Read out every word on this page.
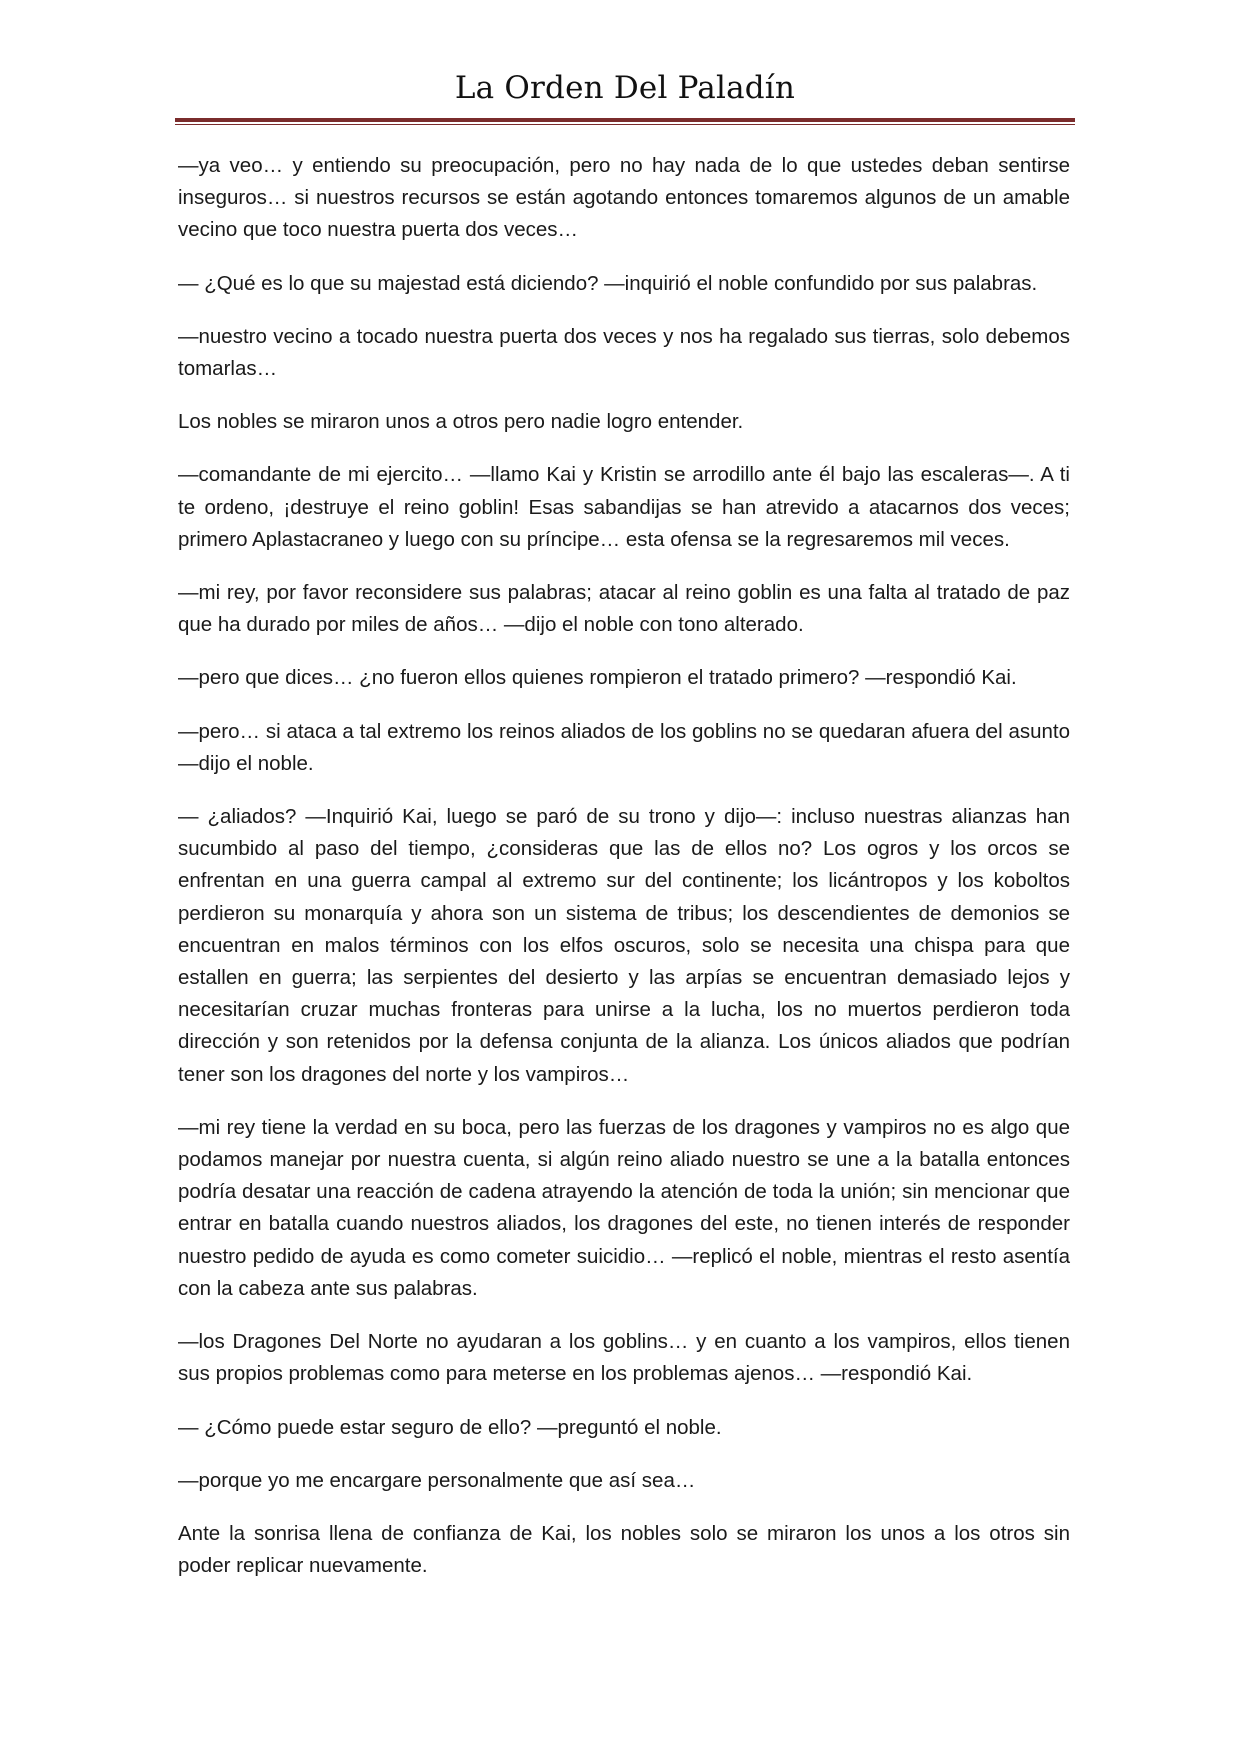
La Orden Del Paladín

—ya veo… y entiendo su preocupación, pero no hay nada de lo que ustedes deban sentirse inseguros… si nuestros recursos se están agotando entonces tomaremos algunos de un amable vecino que toco nuestra puerta dos veces…

— ¿Qué es lo que su majestad está diciendo? —inquirió el noble confundido por sus palabras.

—nuestro vecino a tocado nuestra puerta dos veces y nos ha regalado sus tierras, solo debemos tomarlas…

Los nobles se miraron unos a otros pero nadie logro entender.

—comandante de mi ejercito… —llamo Kai y Kristin se arrodillo ante él bajo las escaleras—. A ti te ordeno, ¡destruye el reino goblin! Esas sabandijas se han atrevido a atacarnos dos veces; primero Aplastacraneo y luego con su príncipe… esta ofensa se la regresaremos mil veces.

—mi rey, por favor reconsidere sus palabras; atacar al reino goblin es una falta al tratado de paz que ha durado por miles de años… —dijo el noble con tono alterado.

—pero que dices… ¿no fueron ellos quienes rompieron el tratado primero? —respondió Kai.

—pero… si ataca a tal extremo los reinos aliados de los goblins no se quedaran afuera del asunto —dijo el noble.

— ¿aliados? —Inquirió Kai, luego se paró de su trono y dijo—: incluso nuestras alianzas han sucumbido al paso del tiempo, ¿consideras que las de ellos no? Los ogros y los orcos se enfrentan en una guerra campal al extremo sur del continente; los licántropos y los koboltos perdieron su monarquía y ahora son un sistema de tribus; los descendientes de demonios se encuentran en malos términos con los elfos oscuros, solo se necesita una chispa para que estallen en guerra; las serpientes del desierto y las arpías se encuentran demasiado lejos y necesitarían cruzar muchas fronteras para unirse a la lucha, los no muertos perdieron toda dirección y son retenidos por la defensa conjunta de la alianza. Los únicos aliados que podrían tener son los dragones del norte y los vampiros…

—mi rey tiene la verdad en su boca, pero las fuerzas de los dragones y vampiros no es algo que podamos manejar por nuestra cuenta, si algún reino aliado nuestro se une a la batalla entonces podría desatar una reacción de cadena atrayendo la atención de toda la unión; sin mencionar que entrar en batalla cuando nuestros aliados, los dragones del este, no tienen interés de responder nuestro pedido de ayuda es como cometer suicidio… —replicó el noble, mientras el resto asentía con la cabeza ante sus palabras.

—los Dragones Del Norte no ayudaran a los goblins… y en cuanto a los vampiros, ellos tienen sus propios problemas como para meterse en los problemas ajenos… —respondió Kai.

— ¿Cómo puede estar seguro de ello? —preguntó el noble.

—porque yo me encargare personalmente que así sea…

Ante la sonrisa llena de confianza de Kai, los nobles solo se miraron los unos a los otros sin poder replicar nuevamente.
